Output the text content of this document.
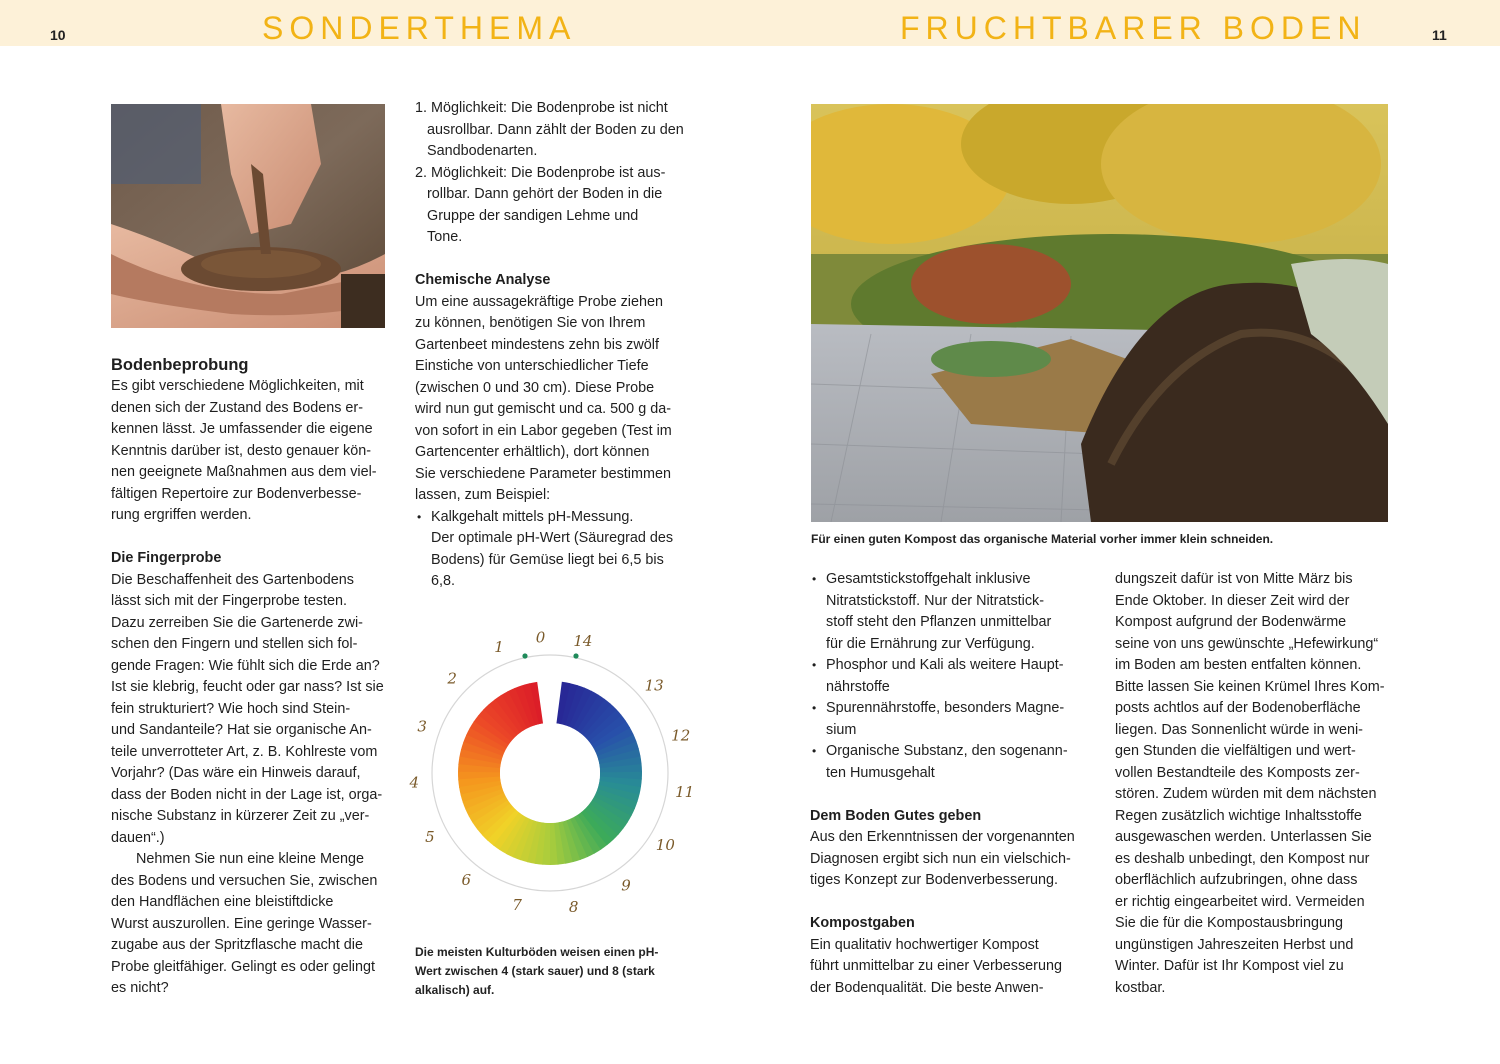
10	11
SONDERTHEMA	FRUCHTBARER BODEN
Für einen guten Kompost das organische Material vorher immer klein schneiden.

Bodenbeprobung

Es gibt verschiedene Möglichkeiten, mit

denen sich der Zustand des Bodens er-

kennen lässt. Je umfassender die eigene

Kenntnis darüber ist, desto genauer kön-

nen geeignete Maßnahmen aus dem viel-

fältigen Repertoire zur Bodenverbesse-

rung ergriffen werden.

Die Fingerprobe

Die Beschaffenheit des Gartenbodens

lässt sich mit der Fingerprobe testen.

Dazu zerreiben Sie die Gartenerde zwi-

schen den Fingern und stellen sich fol-

gende Fragen: Wie fühlt sich die Erde an?

Ist sie klebrig, feucht oder gar nass? Ist sie

fein strukturiert? Wie hoch sind Stein-

und Sandanteile? Hat sie organische An-

teile unverrotteter Art, z. B. Kohlreste vom

Vorjahr? (Das wäre ein Hinweis darauf,

dass der Boden nicht in der Lage ist, orga-

nische Substanz in kürzerer Zeit zu „ver-

dauen“.)

Nehmen Sie nun eine kleine Menge

des Bodens und versuchen Sie, zwischen

den Handflächen eine bleistiftdicke

Wurst auszurollen. Eine geringe Wasser-

zugabe aus der Spritzflasche macht die

Probe gleitfähiger. Gelingt es oder gelingt

es nicht?

1. Möglichkeit: Die Bodenprobe ist nicht

ausrollbar. Dann zählt der Boden zu den

Sandbodenarten.

2. Möglichkeit: Die Bodenprobe ist aus-

rollbar. Dann gehört der Boden in die

Gruppe der sandigen Lehme und

Tone.

Chemische Analyse

Um eine aussagekräftige Probe ziehen

zu können, benötigen Sie von Ihrem

Gartenbeet mindestens zehn bis zwölf

Einstiche von unterschiedlicher Tiefe

(zwischen 0 und 30 cm). Diese Probe

wird nun gut gemischt und ca. 500 g da-

von sofort in ein Labor gegeben (Test im

Gartencenter erhältlich), dort können

Sie verschiedene Parameter bestimmen

lassen, zum Beispiel:

• Kalkgehalt mittels pH-Messung.

Der optimale pH-Wert (Säuregrad des

Bodens) für Gemüse liegt bei 6,5 bis

6,8.

0
1
2
3
4
5
6
7	8
9
10
11
12
13
14
Die meisten Kulturböden weisen einen pH-
Wert zwischen 4 (stark sauer) und 8 (stark
alkalisch) auf.

• Gesamtstickstoffgehalt inklusive

Nitratstickstoff. Nur der Nitratstick-

stoff steht den Pflanzen unmittelbar

für die Ernährung zur Verfügung.

• Phosphor und Kali als weitere Haupt-

nährstoffe

• Spurennährstoffe, besonders Magne-

sium

• Organische Substanz, den sogenann-

ten Humusgehalt

Dem Boden Gutes geben

Aus den Erkenntnissen der vorgenannten

Diagnosen ergibt sich nun ein vielschich-

tiges Konzept zur Bodenverbesserung.

Kompostgaben

Ein qualitativ hochwertiger Kompost

führt unmittelbar zu einer Verbesserung

der Bodenqualität. Die beste Anwen-

dungszeit dafür ist von Mitte März bis

Ende Oktober. In dieser Zeit wird der

Kompost aufgrund der Bodenwärme

seine von uns gewünschte „Hefewirkung“

im Boden am besten entfalten können.

Bitte lassen Sie keinen Krümel Ihres Kom-

posts achtlos auf der Bodenoberfläche

liegen. Das Sonnenlicht würde in weni-

gen Stunden die vielfältigen und wert-

vollen Bestandteile des Komposts zer-

stören. Zudem würden mit dem nächsten

Regen zusätzlich wichtige Inhaltsstoffe

ausgewaschen werden. Unterlassen Sie

es deshalb unbedingt, den Kompost nur

oberflächlich aufzubringen, ohne dass

er richtig eingearbeitet wird. Vermeiden

Sie die für die Kompostausbringung

ungünstigen Jahreszeiten Herbst und

Winter. Dafür ist Ihr Kompost viel zu

kostbar.
